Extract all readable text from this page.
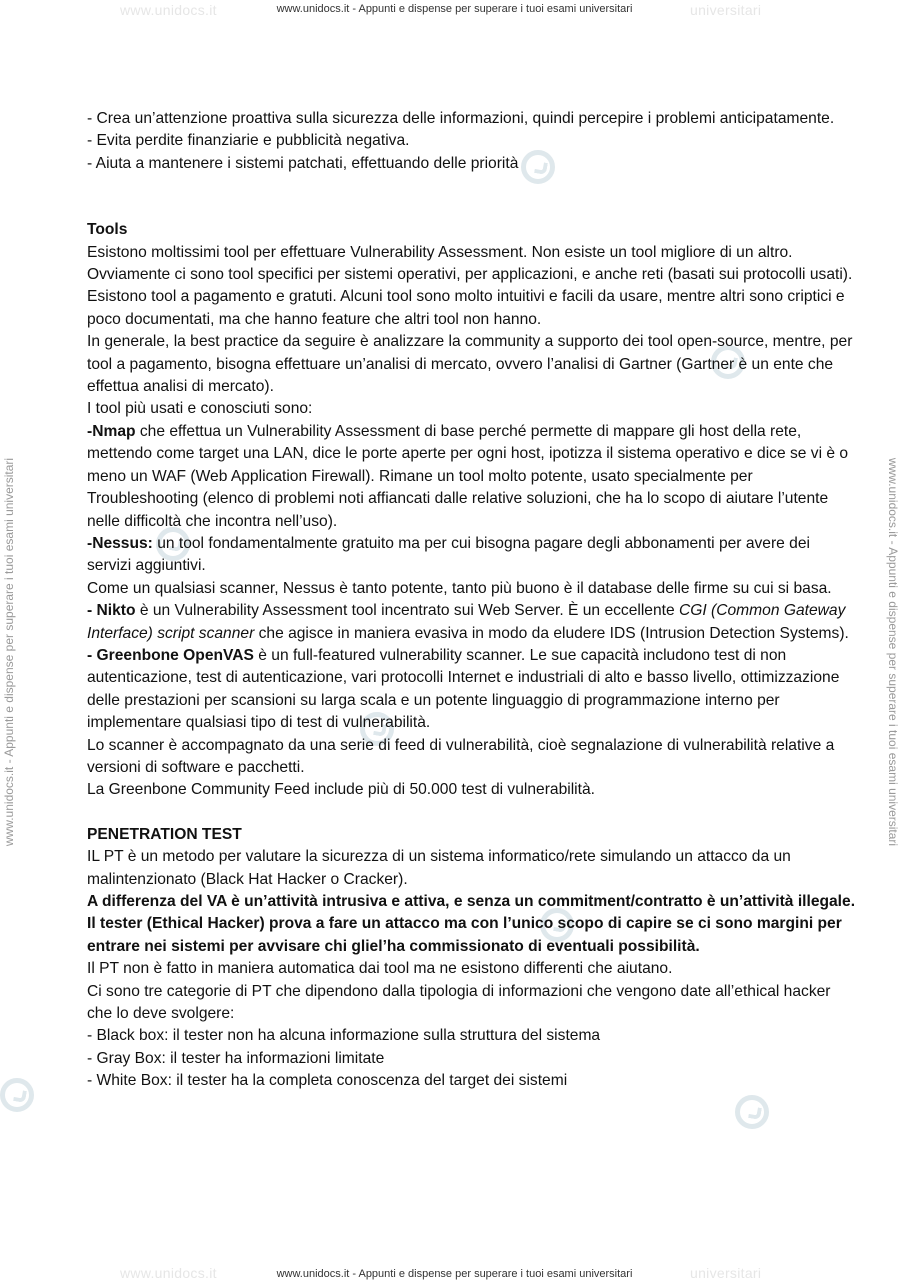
www.unidocs.it	universitari
www.unidocs.it - Appunti e dispense per superare i tuoi esami universitari
www.unidocs.it	universitari
www.unidocs.it - Appunti e dispense per superare i tuoi esami universitari
www.unidocs.it - Appunti e dispense per superare i tuoi esami universitari	www.unidocs.it - Appunti e dispense per superare i tuoi esami universitari

- Crea un’attenzione proattiva sulla sicurezza delle informazioni, quindi percepire i problemi anticipatamente.

- Evita perdite finanziarie e pubblicità negativa.

- Aiuta a mantenere i sistemi patchati, effettuando delle priorità

Tools

Esistono moltissimi tool per effettuare Vulnerability Assessment. Non esiste un tool migliore di un altro. Ovviamente ci sono tool specifici per sistemi operativi, per applicazioni, e anche reti (basati sui protocolli usati). Esistono tool a pagamento e gratuti. Alcuni tool sono molto intuitivi e facili da usare, mentre altri sono criptici e poco documentati, ma che hanno feature che altri tool non hanno.

In generale, la best practice da seguire è analizzare la community a supporto dei tool open-source, mentre, per tool a pagamento, bisogna effettuare un’analisi di mercato, ovvero l’analisi di Gartner (Gartner è un ente che effettua analisi di mercato).

I tool più usati e conosciuti sono:

-Nmap che effettua un Vulnerability Assessment di base perché permette di mappare gli host della rete, mettendo come target una LAN, dice le porte aperte per ogni host, ipotizza il sistema operativo e dice se vi è o meno un WAF (Web Application Firewall). Rimane un tool molto potente, usato specialmente per Troubleshooting (elenco di problemi noti affiancati dalle relative soluzioni, che ha lo scopo di aiutare l’utente nelle difficoltà che incontra nell’uso).

-Nessus: un tool fondamentalmente gratuito ma per cui bisogna pagare degli abbonamenti per avere dei servizi aggiuntivi.

Come un qualsiasi scanner, Nessus è tanto potente, tanto più buono è il database delle firme su cui si basa.

- Nikto è un Vulnerability Assessment tool incentrato sui Web Server. È un eccellente CGI (Common Gateway Interface) script scanner che agisce in maniera evasiva in modo da eludere IDS (Intrusion Detection Systems).

- Greenbone OpenVAS è un full-featured vulnerability scanner. Le sue capacità includono test di non autenticazione, test di autenticazione, vari protocolli Internet e industriali di alto e basso livello, ottimizzazione delle prestazioni per scansioni su larga scala e un potente linguaggio di programmazione interno per implementare qualsiasi tipo di test di vulnerabilità.

Lo scanner è accompagnato da una serie di feed di vulnerabilità, cioè segnalazione di vulnerabilità relative a versioni di software e pacchetti.

La Greenbone Community Feed include più di 50.000 test di vulnerabilità.

PENETRATION TEST

IL PT è un metodo per valutare la sicurezza di un sistema informatico/rete simulando un attacco da un malintenzionato (Black Hat Hacker o Cracker).

A differenza del VA è un’attività intrusiva e attiva, e senza un commitment/contratto è un’attività illegale.

Il tester (Ethical Hacker) prova a fare un attacco ma con l’unico scopo di capire se ci sono margini per entrare nei sistemi per avvisare chi glielʼha commissionato di eventuali possibilità.

Il PT non è fatto in maniera automatica dai tool ma ne esistono differenti che aiutano.

Ci sono tre categorie di PT che dipendono dalla tipologia di informazioni che vengono date all’ethical hacker che lo deve svolgere:

- Black box: il tester non ha alcuna informazione sulla struttura del sistema

- Gray Box: il tester ha informazioni limitate

- White Box: il tester ha la completa conoscenza del target dei sistemi
